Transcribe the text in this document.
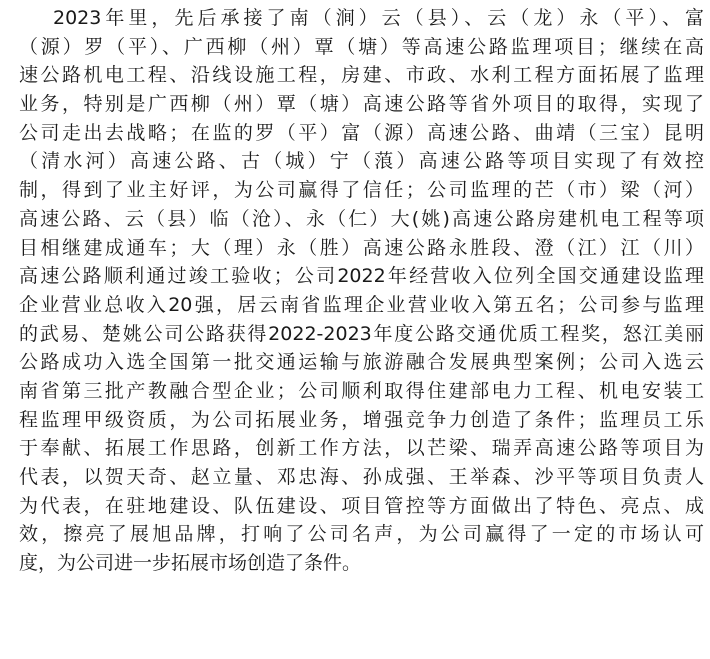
2023年里，先后承接了南（涧）云（县）、云（龙）永（平）、富
（源）罗（平）、广西柳（州）覃（塘）等高速公路监理项目；继续在高
速公路机电工程、沿线设施工程，房建、市政、水利工程方面拓展了监理
业务，特别是广西柳（州）覃（塘）高速公路等省外项目的取得，实现了
公司走出去战略；在监的罗（平）富（源）高速公路、曲靖（三宝）昆明
（清水河）高速公路、古（城）宁（蒗）高速公路等项目实现了有效控
制，得到了业主好评，为公司赢得了信任；公司监理的芒（市）梁（河）
高速公路、云（县）临（沧）、永（仁）大(姚)高速公路房建机电工程等项
目相继建成通车；大（理）永（胜）高速公路永胜段、澄（江）江（川）
高速公路顺利通过竣工验收；公司2022年经营收入位列全国交通建设监理
企业营业总收入20强，居云南省监理企业营业收入第五名；公司参与监理
的武易、楚姚公司公路获得2022-2023年度公路交通优质工程奖，怒江美丽
公路成功入选全国第一批交通运输与旅游融合发展典型案例；公司入选云
南省第三批产教融合型企业；公司顺利取得住建部电力工程、机电安装工
程监理甲级资质，为公司拓展业务，增强竞争力创造了条件；监理员工乐
于奉献、拓展工作思路，创新工作方法，以芒梁、瑞弄高速公路等项目为
代表，以贺天奇、赵立量、邓忠海、孙成强、王举森、沙平等项目负责人
为代表，在驻地建设、队伍建设、项目管控等方面做出了特色、亮点、成
效，擦亮了展旭品牌，打响了公司名声，为公司赢得了一定的市场认可
度，为公司进一步拓展市场创造了条件。
